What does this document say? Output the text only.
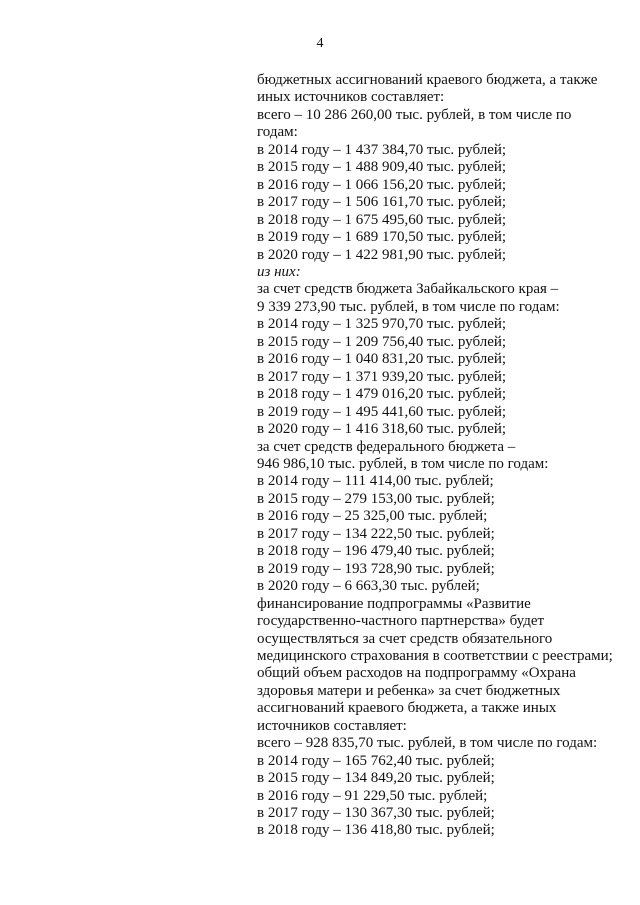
4
бюджетных ассигнований краевого бюджета, а также
иных источников составляет:
всего – 10 286 260,00 тыс. рублей, в том числе по
годам:
в 2014 году – 1 437 384,70 тыс. рублей;
в 2015 году – 1 488 909,40 тыс. рублей;
в 2016 году – 1 066 156,20 тыс. рублей;
в 2017 году – 1 506 161,70 тыс. рублей;
в 2018 году – 1 675 495,60 тыс. рублей;
в 2019 году – 1 689 170,50 тыс. рублей;
в 2020 году – 1 422 981,90 тыс. рублей;
из них:
за счет средств бюджета Забайкальского края –
9 339 273,90 тыс. рублей, в том числе по годам:
в 2014 году – 1 325 970,70 тыс. рублей;
в 2015 году – 1 209 756,40 тыс. рублей;
в 2016 году – 1 040 831,20 тыс. рублей;
в 2017 году – 1 371 939,20 тыс. рублей;
в 2018 году – 1 479 016,20 тыс. рублей;
в 2019 году – 1 495 441,60 тыс. рублей;
в 2020 году – 1 416 318,60 тыс. рублей;
за счет средств федерального бюджета –
946 986,10 тыс. рублей, в том числе по годам:
в 2014 году – 111 414,00 тыс. рублей;
в 2015 году – 279 153,00 тыс. рублей;
в 2016 году – 25 325,00 тыс. рублей;
в 2017 году – 134 222,50 тыс. рублей;
в 2018 году – 196 479,40 тыс. рублей;
в 2019 году – 193 728,90 тыс. рублей;
в 2020 году – 6 663,30 тыс. рублей;
финансирование подпрограммы «Развитие
государственно-частного партнерства» будет
осуществляться за счет средств обязательного
медицинского страхования в соответствии с реестрами;
общий объем расходов на подпрограмму «Охрана
здоровья матери и ребенка» за счет бюджетных
ассигнований краевого бюджета, а также иных
источников составляет:
всего – 928 835,70 тыс. рублей, в том числе по годам:
в 2014 году – 165 762,40 тыс. рублей;
в 2015 году – 134 849,20 тыс. рублей;
в 2016 году – 91 229,50 тыс. рублей;
в 2017 году – 130 367,30 тыс. рублей;
в 2018 году – 136 418,80 тыс. рублей;
